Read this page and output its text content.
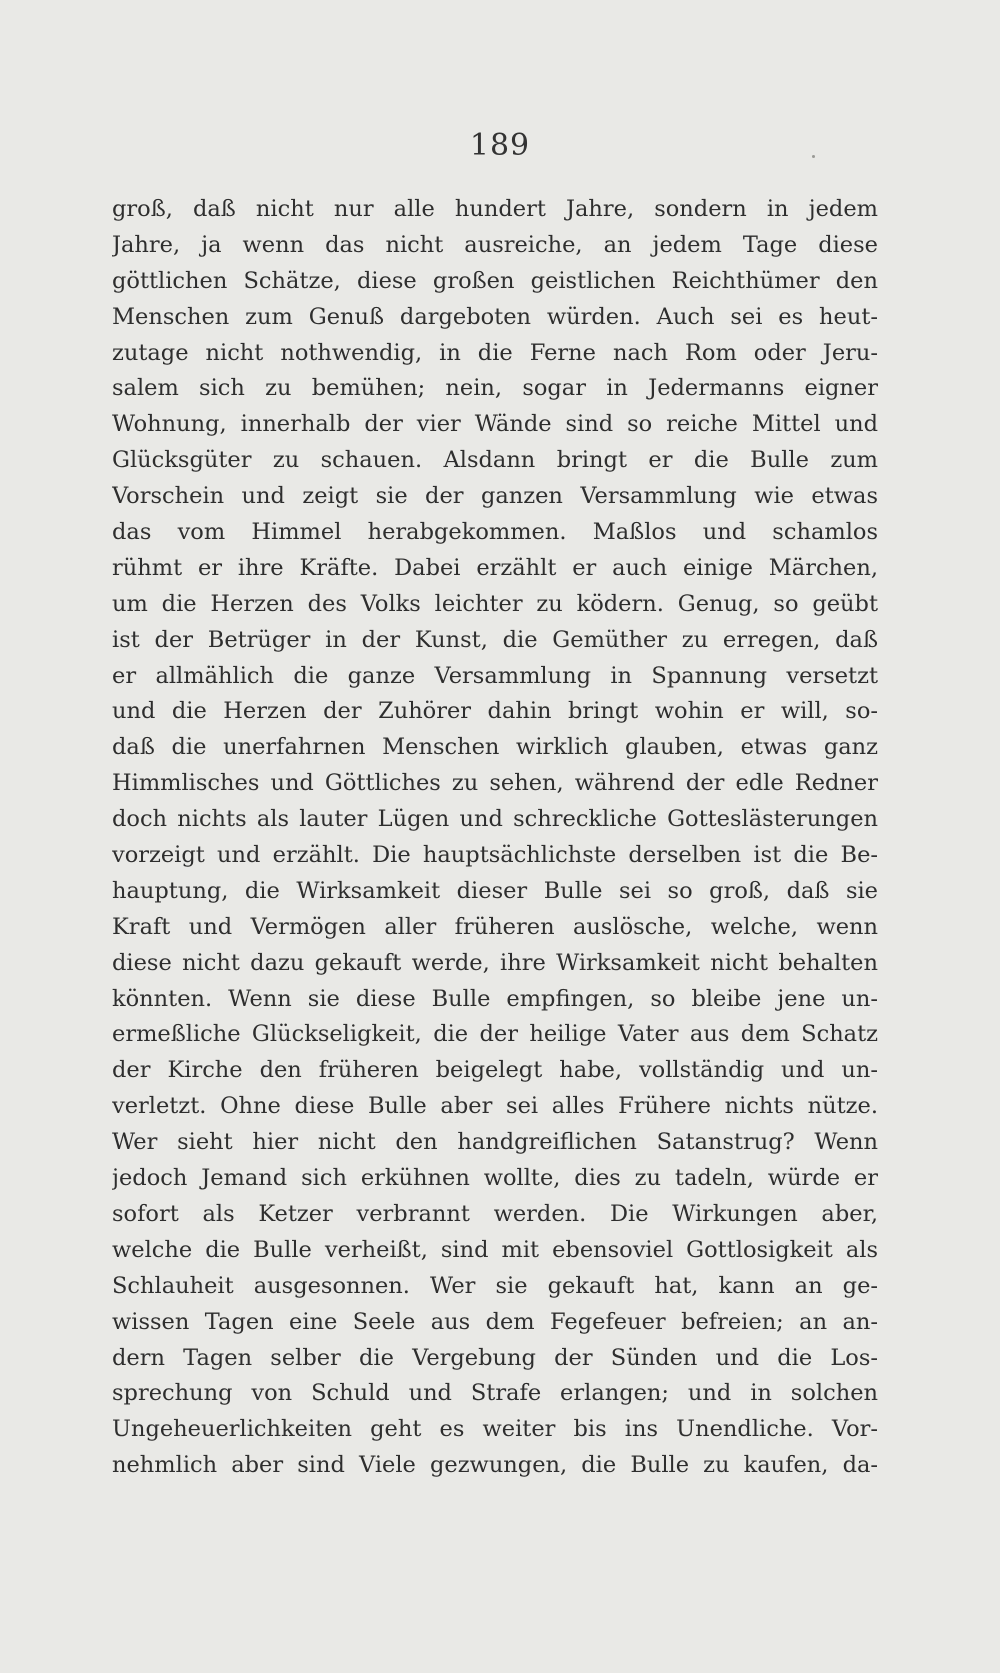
189
groß, daß nicht nur alle hundert Jahre, sondern in jedem
Jahre, ja wenn das nicht ausreiche, an jedem Tage diese
göttlichen Schätze, diese großen geistlichen Reichthümer den
Menschen zum Genuß dargeboten würden. Auch sei es heut-
zutage nicht nothwendig, in die Ferne nach Rom oder Jeru-
salem sich zu bemühen; nein, sogar in Jedermanns eigner
Wohnung, innerhalb der vier Wände sind so reiche Mittel und
Glücksgüter zu schauen. Alsdann bringt er die Bulle zum
Vorschein und zeigt sie der ganzen Versammlung wie etwas
das vom Himmel herabgekommen. Maßlos und schamlos
rühmt er ihre Kräfte. Dabei erzählt er auch einige Märchen,
um die Herzen des Volks leichter zu ködern. Genug, so geübt
ist der Betrüger in der Kunst, die Gemüther zu erregen, daß
er allmählich die ganze Versammlung in Spannung versetzt
und die Herzen der Zuhörer dahin bringt wohin er will, so-
daß die unerfahrnen Menschen wirklich glauben, etwas ganz
Himmlisches und Göttliches zu sehen, während der edle Redner
doch nichts als lauter Lügen und schreckliche Gotteslästerungen
vorzeigt und erzählt. Die hauptsächlichste derselben ist die Be-
hauptung, die Wirksamkeit dieser Bulle sei so groß, daß sie
Kraft und Vermögen aller früheren auslösche, welche, wenn
diese nicht dazu gekauft werde, ihre Wirksamkeit nicht behalten
könnten. Wenn sie diese Bulle empfingen, so bleibe jene un-
ermeßliche Glückseligkeit, die der heilige Vater aus dem Schatz
der Kirche den früheren beigelegt habe, vollständig und un-
verletzt. Ohne diese Bulle aber sei alles Frühere nichts nütze.
Wer sieht hier nicht den handgreiflichen Satanstrug? Wenn
jedoch Jemand sich erkühnen wollte, dies zu tadeln, würde er
sofort als Ketzer verbrannt werden. Die Wirkungen aber,
welche die Bulle verheißt, sind mit ebensoviel Gottlosigkeit als
Schlauheit ausgesonnen. Wer sie gekauft hat, kann an ge-
wissen Tagen eine Seele aus dem Fegefeuer befreien; an an-
dern Tagen selber die Vergebung der Sünden und die Los-
sprechung von Schuld und Strafe erlangen; und in solchen
Ungeheuerlichkeiten geht es weiter bis ins Unendliche. Vor-
nehmlich aber sind Viele gezwungen, die Bulle zu kaufen, da-
